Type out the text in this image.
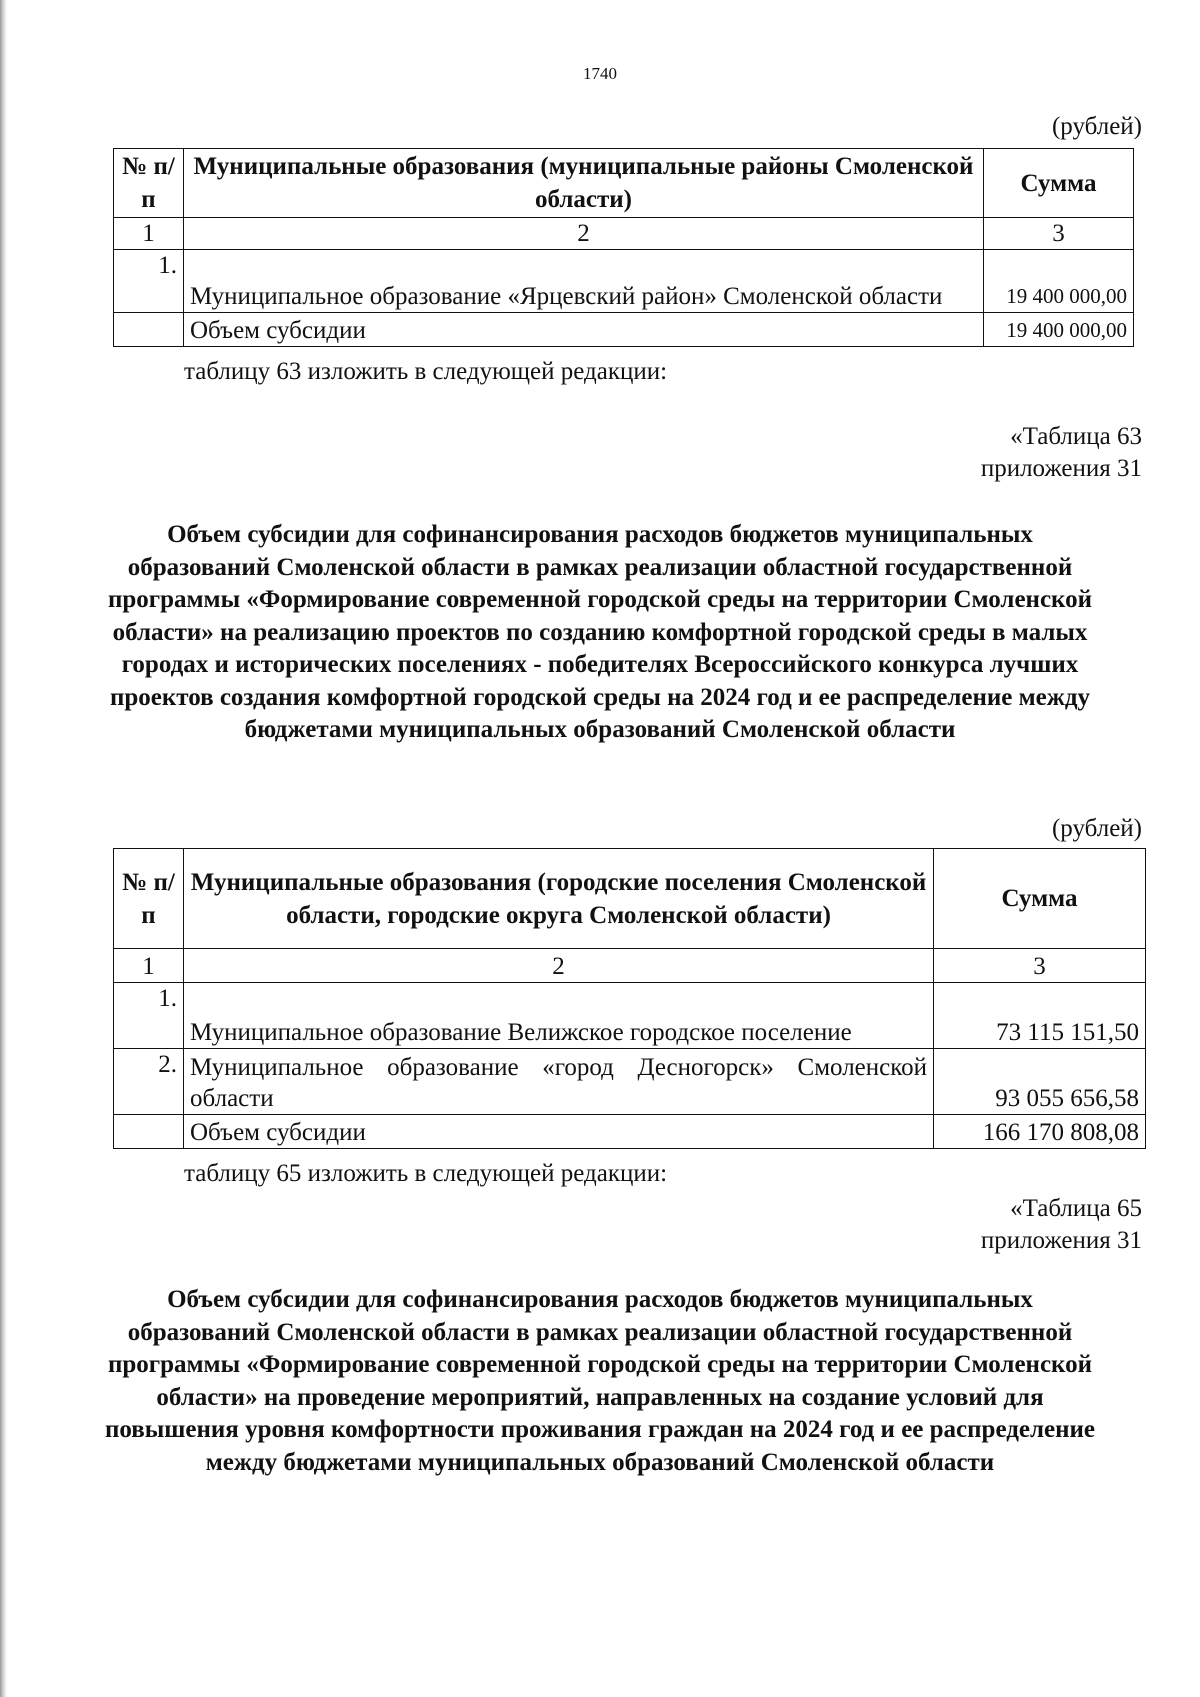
1740
(рублей)
№ п/п	Муниципальные образования (муниципальные районы Смоленской области)	Сумма
1	2	3
1.	Муниципальное образование «Ярцевский район» Смоленской области	19 400 000,00
	Объем субсидии	19 400 000,00
таблицу 63 изложить в следующей редакции:
«Таблица 63
приложения 31
Объем субсидии для софинансирования расходов бюджетов муниципальных образований Смоленской области в рамках реализации областной государственной программы «Формирование современной городской среды на территории Смоленской области» на реализацию проектов по созданию комфортной городской среды в малых городах и исторических поселениях - победителях Всероссийского конкурса лучших проектов создания комфортной городской среды на 2024 год и ее распределение между бюджетами муниципальных образований Смоленской области
(рублей)
№ п/п	Муниципальные образования (городские поселения Смоленской области, городские округа Смоленской области)	Сумма
1	2	3
1.	Муниципальное образование Велижское городское поселение	73 115 151,50
2.	Муниципальное образование «город Десногорск» Смоленской области	93 055 656,58
	Объем субсидии	166 170 808,08
таблицу 65 изложить в следующей редакции:
«Таблица 65
приложения 31
Объем субсидии для софинансирования расходов бюджетов муниципальных образований Смоленской области в рамках реализации областной государственной программы «Формирование современной городской среды на территории Смоленской области» на проведение мероприятий, направленных на создание условий для повышения уровня комфортности проживания граждан на 2024 год и ее распределение между бюджетами муниципальных образований Смоленской области
